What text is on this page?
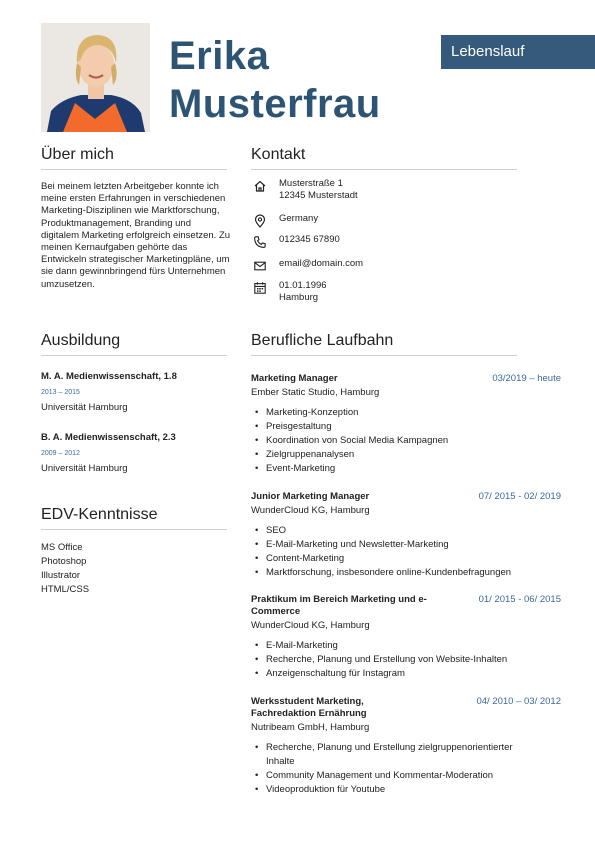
Erika
Musterfrau
Lebenslauf
Über mich
Bei meinem letzten Arbeitgeber konnte ich meine ersten Erfahrungen in verschiedenen Marketing-Disziplinen wie Marktforschung, Produktmanagement, Branding und digitalem Marketing erfolgreich einsetzen. Zu meinen Kernaufgaben gehörte das Entwickeln strategischer Marketingpläne, um sie dann gewinnbringend fürs Unternehmen umzusetzen.
Kontakt
Musterstraße 1
12345 Musterstadt
Germany
012345 67890
email@domain.com
01.01.1996
Hamburg
Ausbildung
M. A. Medienwissenschaft, 1.8
2013 – 2015
Universität Hamburg
B. A. Medienwissenschaft, 2.3
2009 – 2012
Universität Hamburg
EDV-Kenntnisse
MS Office
Photoshop
Illustrator
HTML/CSS
Berufliche Laufbahn
Marketing Manager	03/2019 – heute
Ember Static Studio, Hamburg
• Marketing-Konzeption
• Preisgestaltung
• Koordination von Social Media Kampagnen
• Zielgruppenanalysen
• Event-Marketing
Junior Marketing Manager	07/ 2015 - 02/ 2019
WunderCloud KG, Hamburg
• SEO
• E-Mail-Marketing und Newsletter-Marketing
• Content-Marketing
• Marktforschung, insbesondere online-Kundenbefragungen
Praktikum im Bereich Marketing und e-Commerce
01/ 2015 - 06/ 2015
WunderCloud KG, Hamburg
• E-Mail-Marketing
• Recherche, Planung und Erstellung von Website-Inhalten
• Anzeigenschaltung für Instagram
Werksstudent Marketing, Fachredaktion Ernährung
04/ 2010 – 03/ 2012
Nutribeam GmbH, Hamburg
• Recherche, Planung und Erstellung zielgruppenorientierter Inhalte
• Community Management und Kommentar-Moderation
• Videoproduktion für Youtube
